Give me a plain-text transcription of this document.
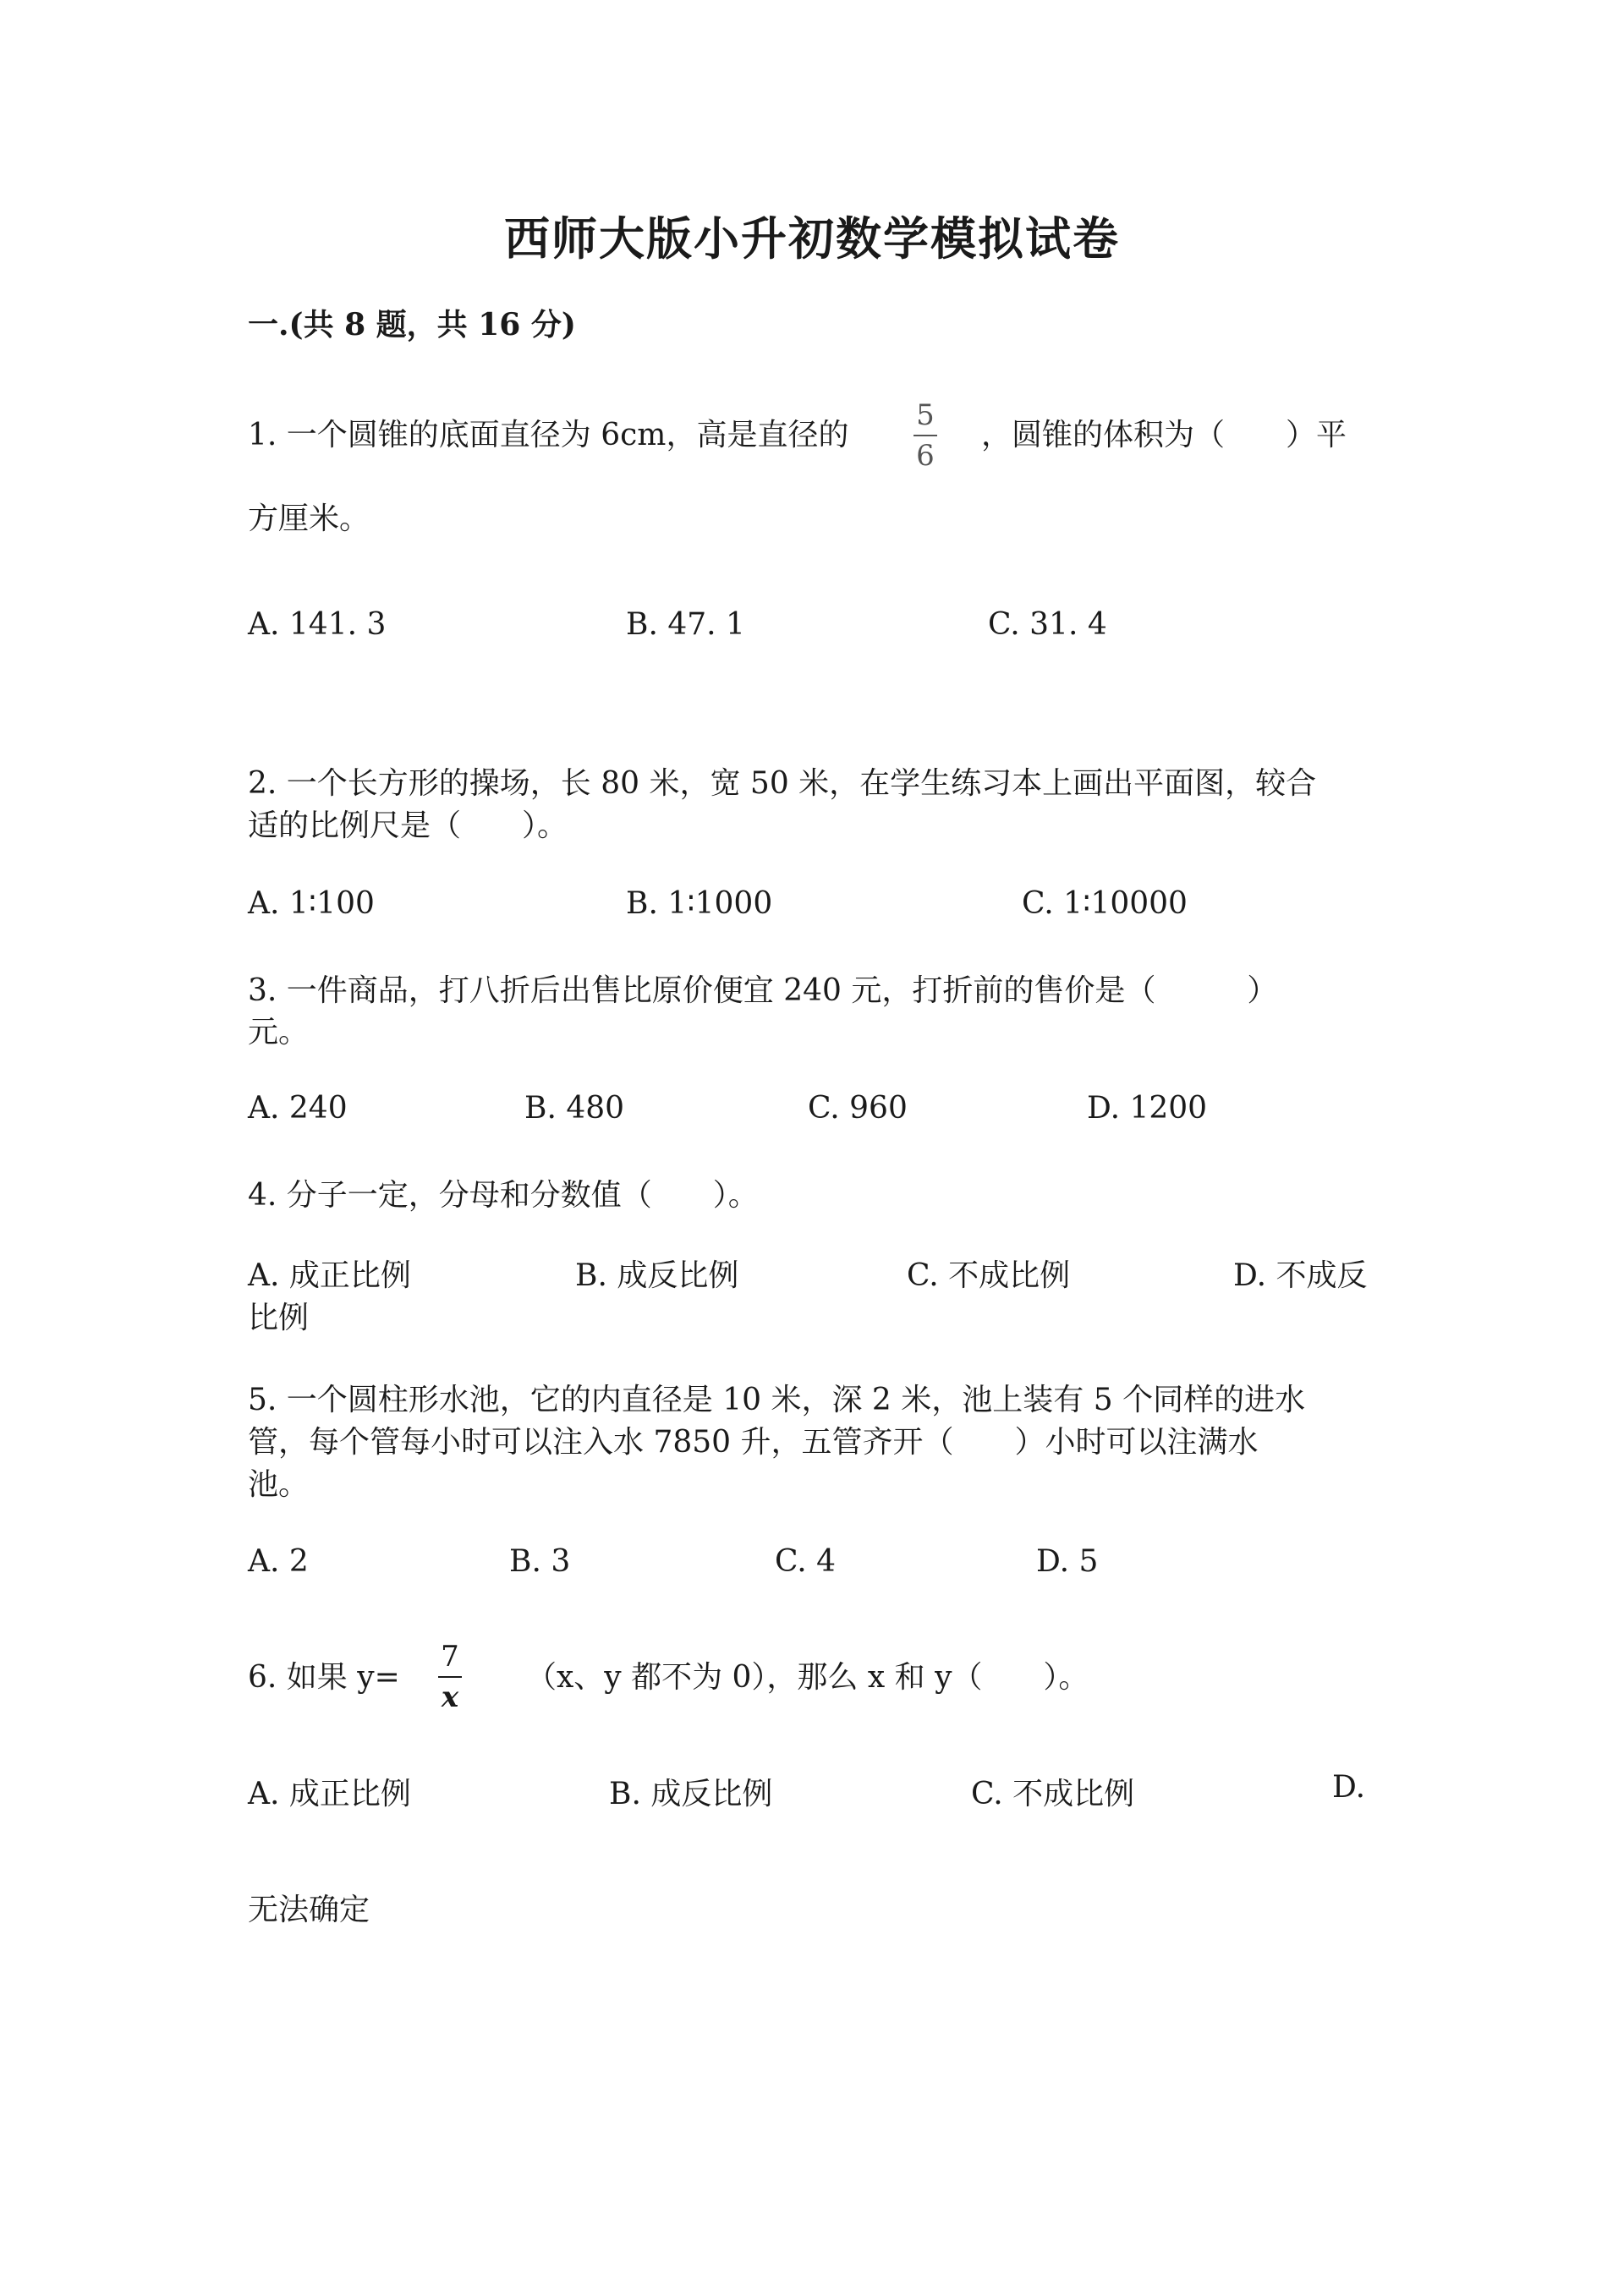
西师大版小升初数学模拟试卷
一.(共 8 题，共 16 分)
1. 一个圆锥的底面直径为 6cm，高是直径的
5
6
，圆锥的体积为（　　）平
方厘米。
A. 141. 3	B. 47. 1	C. 31. 4
2. 一个长方形的操场，长 80 米，宽 50 米，在学生练习本上画出平面图，较合
适的比例尺是（　　）。
A. 1∶100	B. 1∶1000	C. 1∶10000
3. 一件商品，打八折后出售比原价便宜 240 元，打折前的售价是（　　　）
元。
A. 240	B. 480	C. 960	D. 1200
4. 分子一定，分母和分数值（　　）。
A. 成正比例	B. 成反比例	C. 不成比例	D. 不成反
比例
5. 一个圆柱形水池，它的内直径是 10 米，深 2 米，池上装有 5 个同样的进水
管，每个管每小时可以注入水 7850 升，五管齐开（　　）小时可以注满水
池。
A. 2	B. 3	C. 4	D. 5
6. 如果 y=
7
x
（x、y 都不为 0），那么 x 和 y（　　）。
A. 成正比例	B. 成反比例	C. 不成比例	D.
无法确定
